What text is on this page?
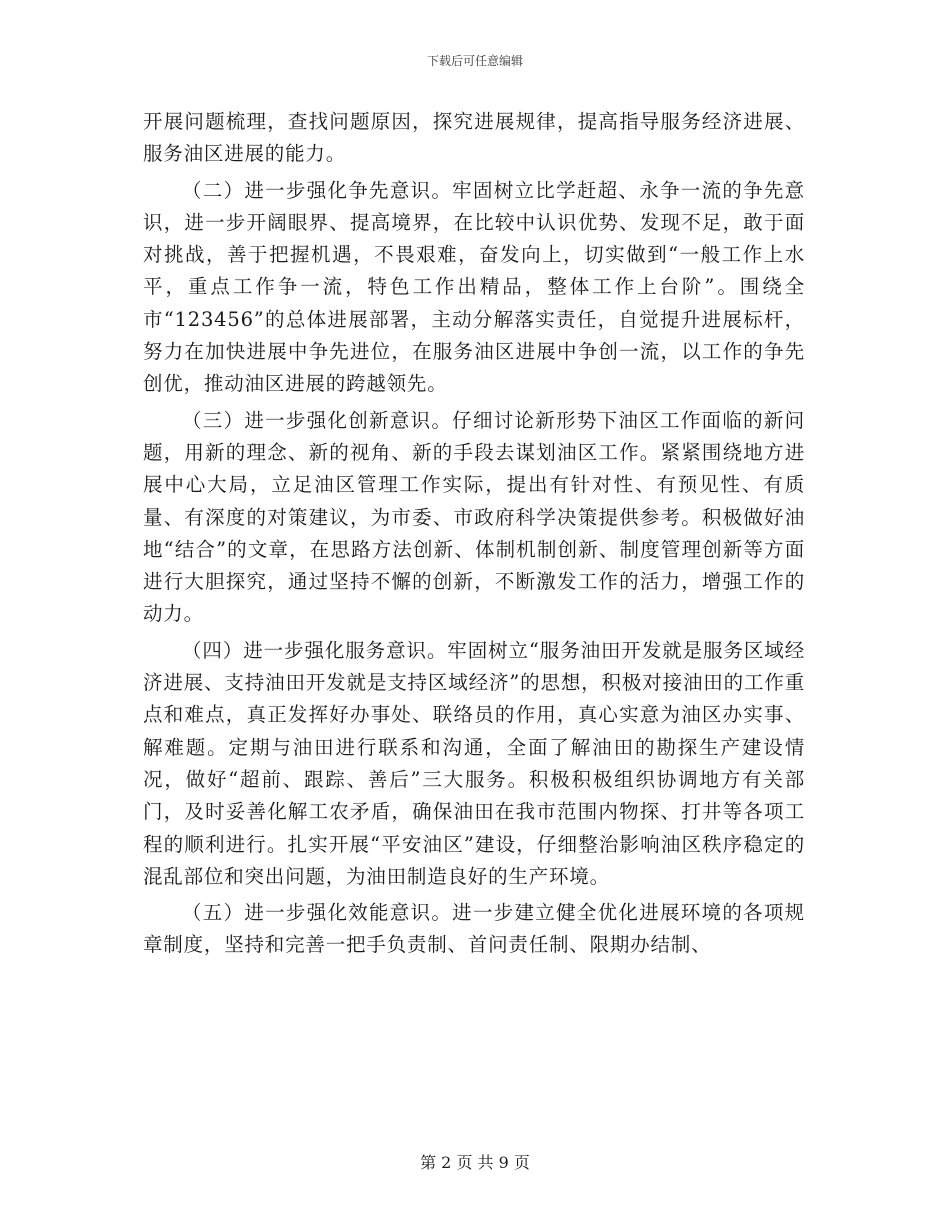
下载后可任意编辑

开展问题梳理，查找问题原因，探究进展规律，提高指导服务经济进展、服务油区进展的能力。

（二）进一步强化争先意识。牢固树立比学赶超、永争一流的争先意识，进一步开阔眼界、提高境界，在比较中认识优势、发现不足，敢于面对挑战，善于把握机遇，不畏艰难，奋发向上，切实做到“一般工作上水平，重点工作争一流，特色工作出精品，整体工作上台阶”。围绕全市“123456”的总体进展部署，主动分解落实责任，自觉提升进展标杆，努力在加快进展中争先进位，在服务油区进展中争创一流，以工作的争先创优，推动油区进展的跨越领先。

（三）进一步强化创新意识。仔细讨论新形势下油区工作面临的新问题，用新的理念、新的视角、新的手段去谋划油区工作。紧紧围绕地方进展中心大局，立足油区管理工作实际，提出有针对性、有预见性、有质量、有深度的对策建议，为市委、市政府科学决策提供参考。积极做好油地“结合”的文章，在思路方法创新、体制机制创新、制度管理创新等方面进行大胆探究，通过坚持不懈的创新，不断激发工作的活力，增强工作的动力。

（四）进一步强化服务意识。牢固树立“服务油田开发就是服务区域经济进展、支持油田开发就是支持区域经济”的思想，积极对接油田的工作重点和难点，真正发挥好办事处、联络员的作用，真心实意为油区办实事、解难题。定期与油田进行联系和沟通，全面了解油田的勘探生产建设情况，做好“超前、跟踪、善后”三大服务。积极积极组织协调地方有关部门，及时妥善化解工农矛盾，确保油田在我市范围内物探、打井等各项工程的顺利进行。扎实开展“平安油区”建设，仔细整治影响油区秩序稳定的混乱部位和突出问题，为油田制造良好的生产环境。

（五）进一步强化效能意识。进一步建立健全优化进展环境的各项规章制度，坚持和完善一把手负责制、首问责任制、限期办结制、

第 2 页 共 9 页
